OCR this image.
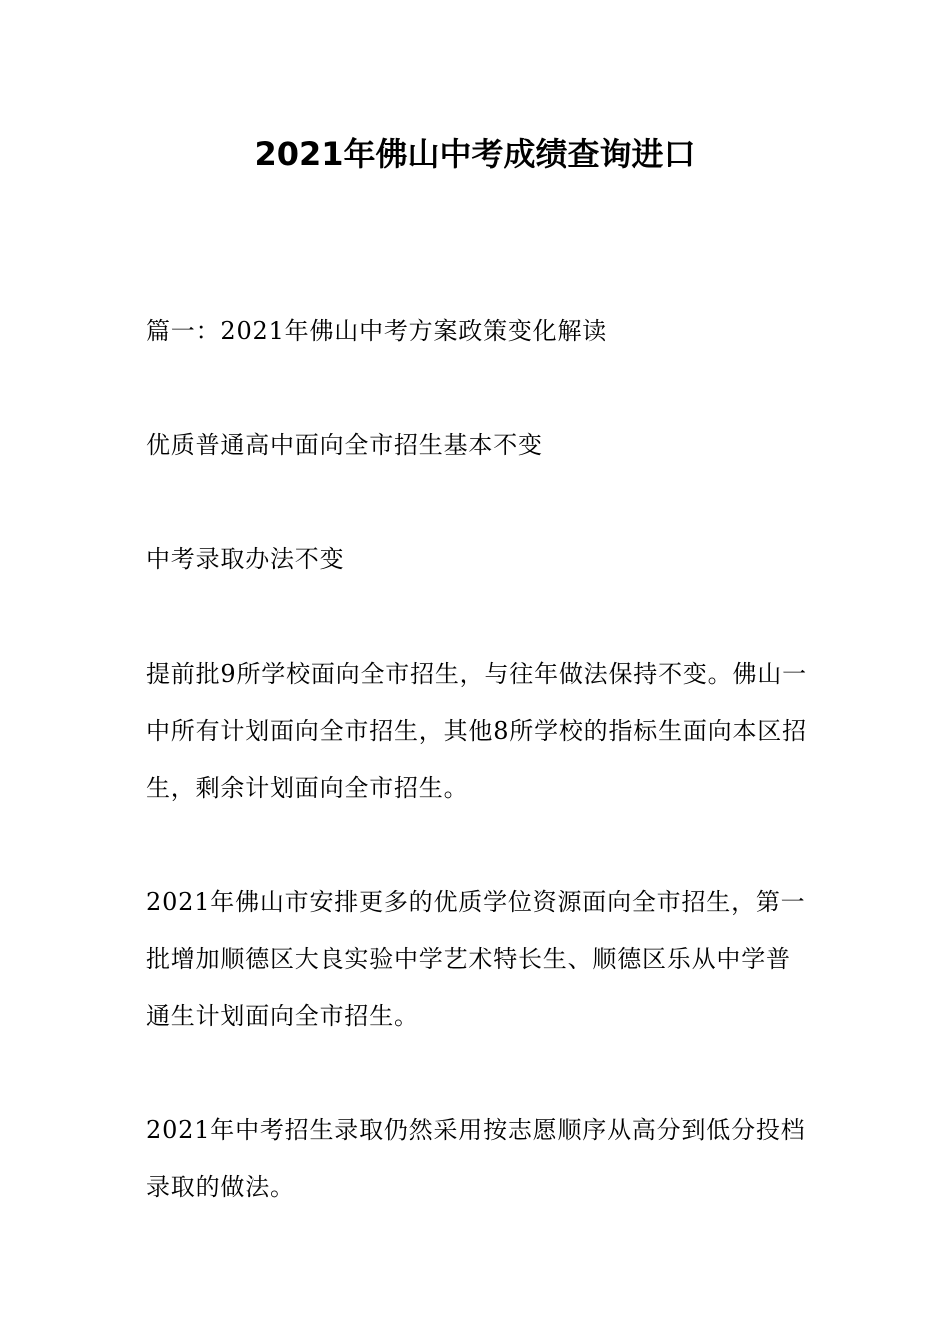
2021年佛山中考成绩查询进口

篇一：2021年佛山中考方案政策变化解读

优质普通高中面向全市招生基本不变

中考录取办法不变

提前批9所学校面向全市招生，与往年做法保持不变。佛山一中所有计划面向全市招生，其他8所学校的指标生面向本区招生，剩余计划面向全市招生。

2021年佛山市安排更多的优质学位资源面向全市招生，第一批增加顺德区大良实验中学艺术特长生、顺德区乐从中学普通生计划面向全市招生。

2021年中考招生录取仍然采用按志愿顺序从高分到低分投档录取的做法。
